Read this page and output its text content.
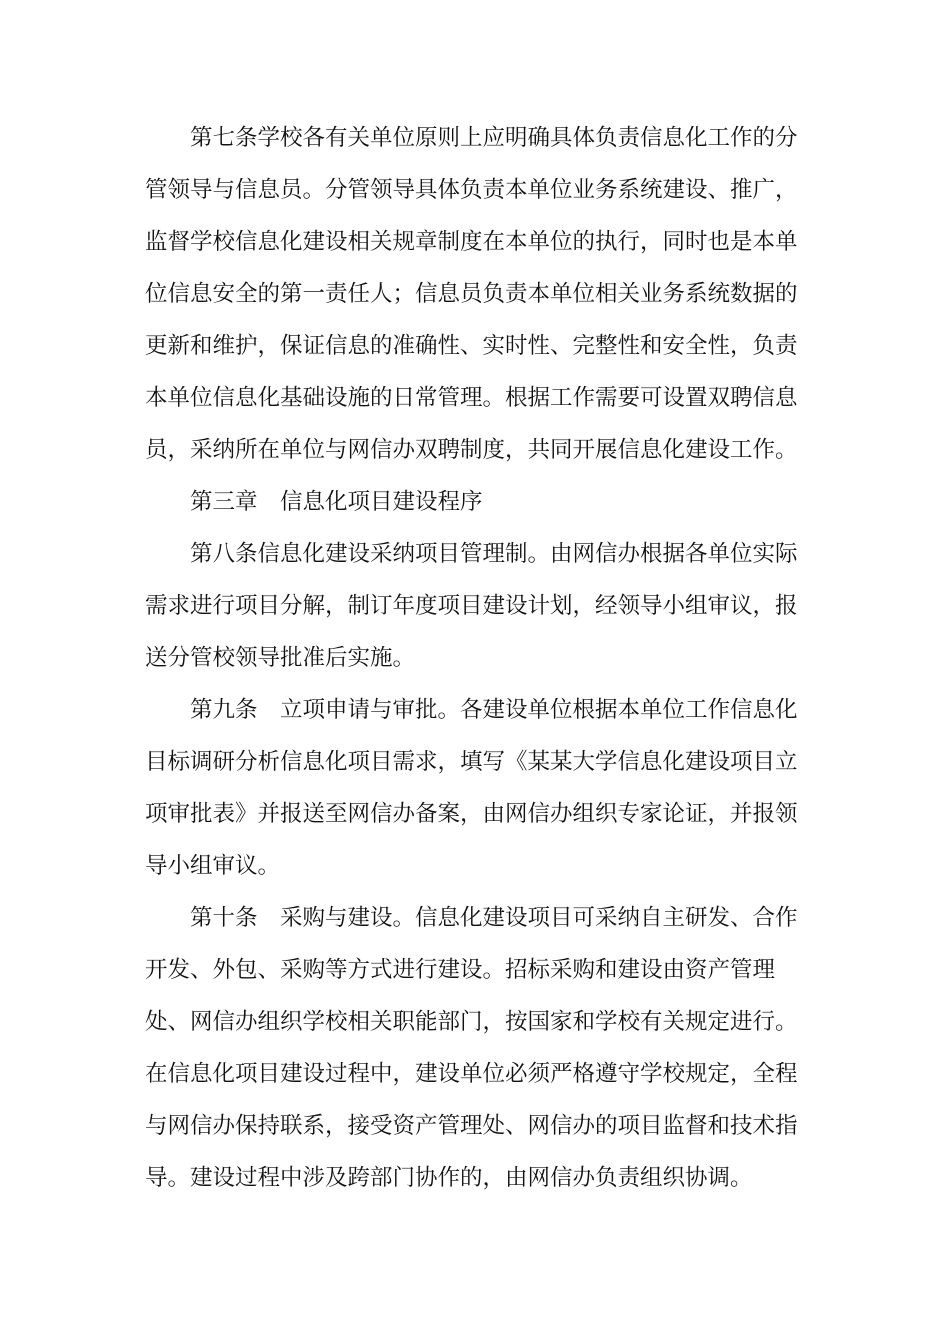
第七条学校各有关单位原则上应明确具体负责信息化工作的分
管领导与信息员。分管领导具体负责本单位业务系统建设、推广，
监督学校信息化建设相关规章制度在本单位的执行，同时也是本单
位信息安全的第一责任人；信息员负责本单位相关业务系统数据的
更新和维护，保证信息的准确性、实时性、完整性和安全性，负责
本单位信息化基础设施的日常管理。根据工作需要可设置双聘信息
员，采纳所在单位与网信办双聘制度，共同开展信息化建设工作。
第三章　信息化项目建设程序
第八条信息化建设采纳项目管理制。由网信办根据各单位实际
需求进行项目分解，制订年度项目建设计划，经领导小组审议，报
送分管校领导批准后实施。
第九条　立项申请与审批。各建设单位根据本单位工作信息化
目标调研分析信息化项目需求，填写《某某大学信息化建设项目立
项审批表》并报送至网信办备案，由网信办组织专家论证，并报领
导小组审议。
第十条　采购与建设。信息化建设项目可采纳自主研发、合作
开发、外包、采购等方式进行建设。招标采购和建设由资产管理
处、网信办组织学校相关职能部门，按国家和学校有关规定进行。
在信息化项目建设过程中，建设单位必须严格遵守学校规定，全程
与网信办保持联系，接受资产管理处、网信办的项目监督和技术指
导。建设过程中涉及跨部门协作的，由网信办负责组织协调。
